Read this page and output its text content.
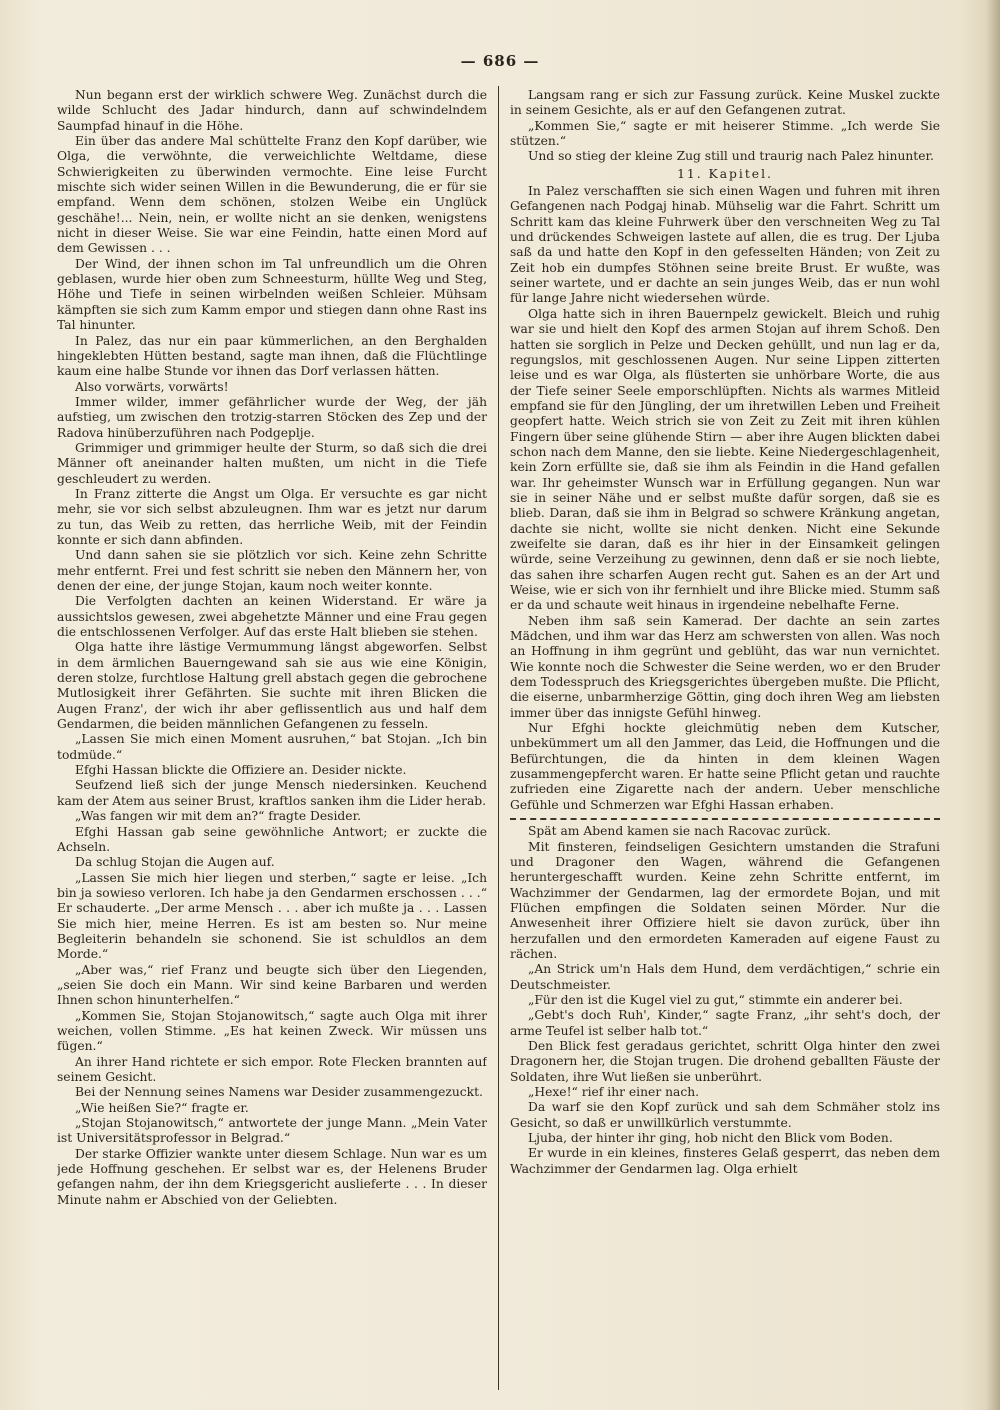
— 686 —

Nun begann erst der wirklich schwere Weg. Zunächst durch die wilde Schlucht des Jadar hindurch, dann auf schwindelndem Saumpfad hinauf in die Höhe.

Ein über das andere Mal schüttelte Franz den Kopf darüber, wie Olga, die verwöhnte, die verweichlichte Weltdame, diese Schwierigkeiten zu überwinden vermochte. Eine leise Furcht mischte sich wider seinen Willen in die Bewunderung, die er für sie empfand. Wenn dem schönen, stolzen Weibe ein Unglück geschähe!... Nein, nein, er wollte nicht an sie denken, wenigstens nicht in dieser Weise. Sie war eine Feindin, hatte einen Mord auf dem Gewissen . . .

Der Wind, der ihnen schon im Tal unfreundlich um die Ohren geblasen, wurde hier oben zum Schneesturm, hüllte Weg und Steg, Höhe und Tiefe in seinen wirbelnden weißen Schleier. Mühsam kämpften sie sich zum Kamm empor und stiegen dann ohne Rast ins Tal hinunter.

In Palez, das nur ein paar kümmerlichen, an den Berghalden hingeklebten Hütten bestand, sagte man ihnen, daß die Flüchtlinge kaum eine halbe Stunde vor ihnen das Dorf verlassen hätten.

Also vorwärts, vorwärts!

Immer wilder, immer gefährlicher wurde der Weg, der jäh aufstieg, um zwischen den trotzig-starren Stöcken des Zep und der Radova hinüberzuführen nach Podgeplje.

Grimmiger und grimmiger heulte der Sturm, so daß sich die drei Männer oft aneinander halten mußten, um nicht in die Tiefe geschleudert zu werden.

In Franz zitterte die Angst um Olga. Er versuchte es gar nicht mehr, sie vor sich selbst abzuleugnen. Ihm war es jetzt nur darum zu tun, das Weib zu retten, das herrliche Weib, mit der Feindin konnte er sich dann abfinden.

Und dann sahen sie sie plötzlich vor sich. Keine zehn Schritte mehr entfernt. Frei und fest schritt sie neben den Männern her, von denen der eine, der junge Stojan, kaum noch weiter konnte.

Die Verfolgten dachten an keinen Widerstand. Er wäre ja aussichtslos gewesen, zwei abgehetzte Männer und eine Frau gegen die entschlossenen Verfolger. Auf das erste Halt blieben sie stehen.

Olga hatte ihre lästige Vermummung längst abgeworfen. Selbst in dem ärmlichen Bauerngewand sah sie aus wie eine Königin, deren stolze, furchtlose Haltung grell abstach gegen die gebrochene Mutlosigkeit ihrer Gefährten. Sie suchte mit ihren Blicken die Augen Franz', der wich ihr aber geflissentlich aus und half dem Gendarmen, die beiden männlichen Gefangenen zu fesseln.

„Lassen Sie mich einen Moment ausruhen,“ bat Stojan. „Ich bin todmüde.“

Efghi Hassan blickte die Offiziere an. Desider nickte.

Seufzend ließ sich der junge Mensch niedersinken. Keuchend kam der Atem aus seiner Brust, kraftlos sanken ihm die Lider herab.

„Was fangen wir mit dem an?“ fragte Desider.

Efghi Hassan gab seine gewöhnliche Antwort; er zuckte die Achseln.

Da schlug Stojan die Augen auf.

„Lassen Sie mich hier liegen und sterben,“ sagte er leise. „Ich bin ja sowieso verloren. Ich habe ja den Gendarmen erschossen . . .“ Er schauderte. „Der arme Mensch . . . aber ich mußte ja . . . Lassen Sie mich hier, meine Herren. Es ist am besten so. Nur meine Begleiterin behandeln sie schonend. Sie ist schuldlos an dem Morde.“

„Aber was,“ rief Franz und beugte sich über den Liegenden, „seien Sie doch ein Mann. Wir sind keine Barbaren und werden Ihnen schon hinunterhelfen.“

„Kommen Sie, Stojan Stojanowitsch,“ sagte auch Olga mit ihrer weichen, vollen Stimme. „Es hat keinen Zweck. Wir müssen uns fügen.“

An ihrer Hand richtete er sich empor. Rote Flecken brannten auf seinem Gesicht.

Bei der Nennung seines Namens war Desider zusammengezuckt.

„Wie heißen Sie?“ fragte er.

„Stojan Stojanowitsch,“ antwortete der junge Mann. „Mein Vater ist Universitätsprofessor in Belgrad.“

Der starke Offizier wankte unter diesem Schlage. Nun war es um jede Hoffnung geschehen. Er selbst war es, der Helenens Bruder gefangen nahm, der ihn dem Kriegsgericht auslieferte . . . In dieser Minute nahm er Abschied von der Geliebten.

Langsam rang er sich zur Fassung zurück. Keine Muskel zuckte in seinem Gesichte, als er auf den Gefangenen zutrat.

„Kommen Sie,“ sagte er mit heiserer Stimme. „Ich werde Sie stützen.“

Und so stieg der kleine Zug still und traurig nach Palez hinunter.

11. Kapitel.

In Palez verschafften sie sich einen Wagen und fuhren mit ihren Gefangenen nach Podgaj hinab. Mühselig war die Fahrt. Schritt um Schritt kam das kleine Fuhrwerk über den verschneiten Weg zu Tal und drückendes Schweigen lastete auf allen, die es trug. Der Ljuba saß da und hatte den Kopf in den gefesselten Händen; von Zeit zu Zeit hob ein dumpfes Stöhnen seine breite Brust. Er wußte, was seiner wartete, und er dachte an sein junges Weib, das er nun wohl für lange Jahre nicht wiedersehen würde.

Olga hatte sich in ihren Bauernpelz gewickelt. Bleich und ruhig war sie und hielt den Kopf des armen Stojan auf ihrem Schoß. Den hatten sie sorglich in Pelze und Decken gehüllt, und nun lag er da, regungslos, mit geschlossenen Augen. Nur seine Lippen zitterten leise und es war Olga, als flüsterten sie unhörbare Worte, die aus der Tiefe seiner Seele emporschlüpften. Nichts als warmes Mitleid empfand sie für den Jüngling, der um ihretwillen Leben und Freiheit geopfert hatte. Weich strich sie von Zeit zu Zeit mit ihren kühlen Fingern über seine glühende Stirn — aber ihre Augen blickten dabei schon nach dem Manne, den sie liebte. Keine Niedergeschlagenheit, kein Zorn erfüllte sie, daß sie ihm als Feindin in die Hand gefallen war. Ihr geheimster Wunsch war in Erfüllung gegangen. Nun war sie in seiner Nähe und er selbst mußte dafür sorgen, daß sie es blieb. Daran, daß sie ihm in Belgrad so schwere Kränkung angetan, dachte sie nicht, wollte sie nicht denken. Nicht eine Sekunde zweifelte sie daran, daß es ihr hier in der Einsamkeit gelingen würde, seine Verzeihung zu gewinnen, denn daß er sie noch liebte, das sahen ihre scharfen Augen recht gut. Sahen es an der Art und Weise, wie er sich von ihr fernhielt und ihre Blicke mied. Stumm saß er da und schaute weit hinaus in irgendeine nebelhafte Ferne.

Neben ihm saß sein Kamerad. Der dachte an sein zartes Mädchen, und ihm war das Herz am schwersten von allen. Was noch an Hoffnung in ihm gegrünt und geblüht, das war nun vernichtet. Wie konnte noch die Schwester die Seine werden, wo er den Bruder dem Todesspruch des Kriegsgerichtes übergeben mußte. Die Pflicht, die eiserne, unbarmherzige Göttin, ging doch ihren Weg am liebsten immer über das innigste Gefühl hinweg.

Nur Efghi hockte gleichmütig neben dem Kutscher, unbekümmert um all den Jammer, das Leid, die Hoffnungen und die Befürchtungen, die da hinten in dem kleinen Wagen zusammengepfercht waren. Er hatte seine Pflicht getan und rauchte zufrieden eine Zigarette nach der andern. Ueber menschliche Gefühle und Schmerzen war Efghi Hassan erhaben.

Spät am Abend kamen sie nach Racovac zurück.

Mit finsteren, feindseligen Gesichtern umstanden die Strafuni und Dragoner den Wagen, während die Gefangenen heruntergeschafft wurden. Keine zehn Schritte entfernt, im Wachzimmer der Gendarmen, lag der ermordete Bojan, und mit Flüchen empfingen die Soldaten seinen Mörder. Nur die Anwesenheit ihrer Offiziere hielt sie davon zurück, über ihn herzufallen und den ermordeten Kameraden auf eigene Faust zu rächen.

„An Strick um'n Hals dem Hund, dem verdächtigen,“ schrie ein Deutschmeister.

„Für den ist die Kugel viel zu gut,“ stimmte ein anderer bei.

„Gebt's doch Ruh', Kinder,“ sagte Franz, „ihr seht's doch, der arme Teufel ist selber halb tot.“

Den Blick fest geradaus gerichtet, schritt Olga hinter den zwei Dragonern her, die Stojan trugen. Die drohend geballten Fäuste der Soldaten, ihre Wut ließen sie unberührt.

„Hexe!“ rief ihr einer nach.

Da warf sie den Kopf zurück und sah dem Schmäher stolz ins Gesicht, so daß er unwillkürlich verstummte.

Ljuba, der hinter ihr ging, hob nicht den Blick vom Boden.

Er wurde in ein kleines, finsteres Gelaß gesperrt, das neben dem Wachzimmer der Gendarmen lag. Olga erhielt
